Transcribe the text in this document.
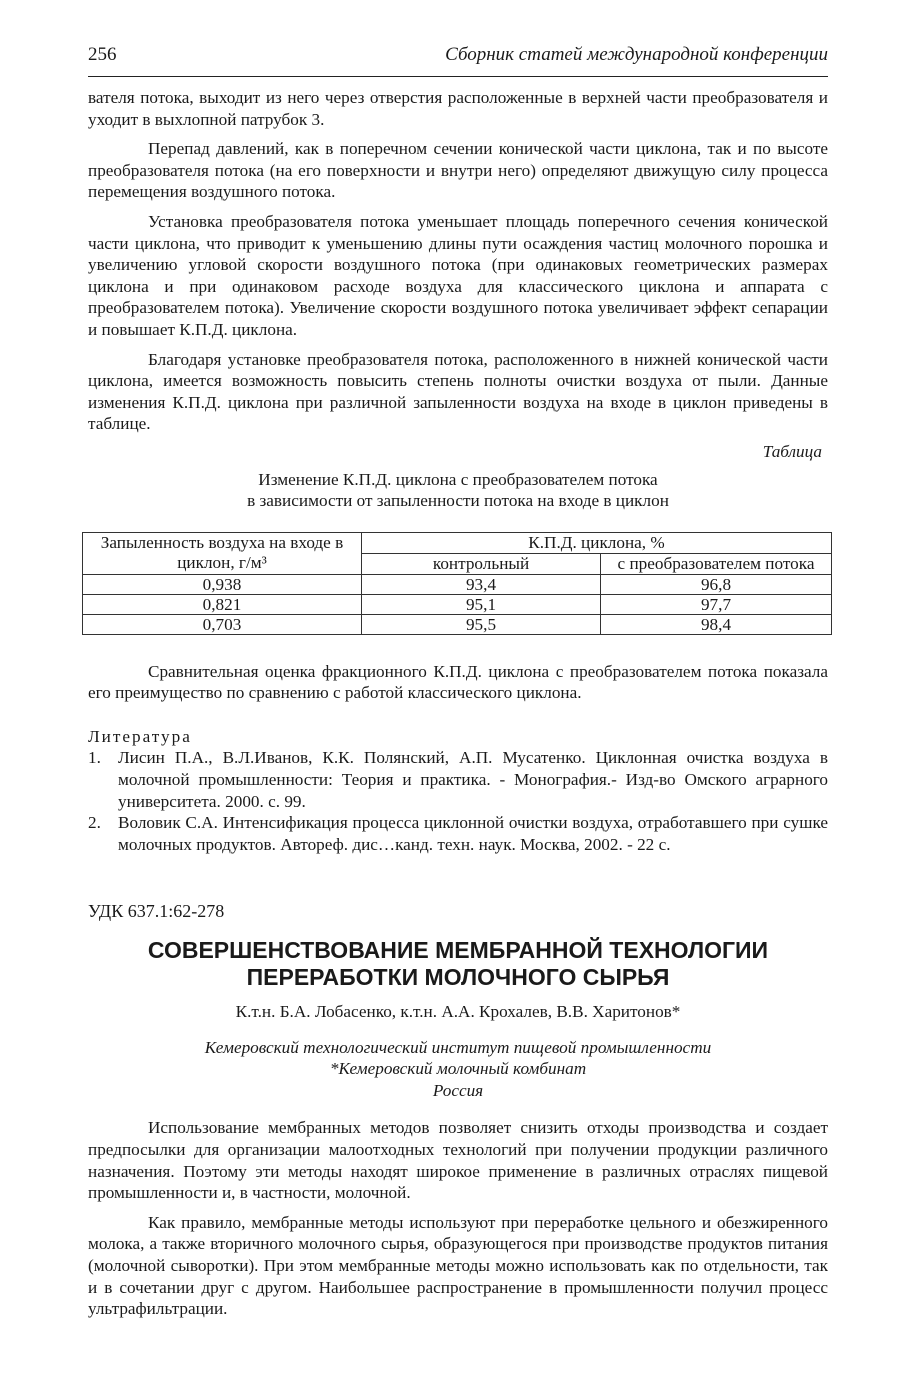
256	Сборник статей международной конференции

вателя потока, выходит из него через отверстия расположенные в верхней части преобразователя и уходит в выхлопной патрубок 3.

Перепад давлений, как в поперечном сечении конической части циклона, так и по высоте преобразователя потока (на его поверхности и внутри него) определяют движущую силу процесса перемещения воздушного потока.

Установка преобразователя потока уменьшает площадь поперечного сечения конической части циклона, что приводит к уменьшению длины пути осаждения частиц молочного порошка и увеличению угловой скорости воздушного потока (при одинаковых геометрических размерах циклона и при одинаковом расходе воздуха для классического циклона и аппарата с преобразователем потока). Увеличение скорости воздушного потока увеличивает эффект сепарации и повышает К.П.Д. циклона.

Благодаря установке преобразователя потока, расположенного в нижней конической части циклона, имеется возможность повысить степень полноты очистки воздуха от пыли. Данные изменения К.П.Д. циклона при различной запыленности воздуха на входе в циклон приведены в таблице.

Таблица
Изменение К.П.Д. циклона с преобразователем потока
в зависимости от запыленности потока на входе в циклон
Запыленность воздуха на входе в циклон, г/м³	К.П.Д. циклона, %	
	контрольный	с преобразователем потока
0,938	93,4	96,8
0,821	95,1	97,7
0,703	95,5	98,4

Сравнительная оценка фракционного К.П.Д. циклона с преобразователем потока показала его преимущество по сравнению с работой классического циклона.

Литература
1. Лисин П.А., В.Л.Иванов, К.К. Полянский, А.П. Мусатенко. Циклонная очистка воздуха в молочной промышленности: Теория и практика. - Монография.- Изд-во Омского аграрного университета. 2000. с. 99.
2. Воловик С.А. Интенсификация процесса циклонной очистки воздуха, отработавшего при сушке молочных продуктов. Автореф. дис…канд. техн. наук. Москва, 2002. - 22 с.
УДК 637.1:62-278
СОВЕРШЕНСТВОВАНИЕ МЕМБРАННОЙ ТЕХНОЛОГИИ
ПЕРЕРАБОТКИ МОЛОЧНОГО СЫРЬЯ
К.т.н. Б.А. Лобасенко, к.т.н. А.А. Крохалев, В.В. Харитонов*
Кемеровский технологический институт пищевой промышленности
*Кемеровский молочный комбинат
Россия

Использование мембранных методов позволяет снизить отходы производства и создает предпосылки для организации малоотходных технологий при получении продукции различного назначения. Поэтому эти методы находят широкое применение в различных отраслях пищевой промышленности и, в частности, молочной.

Как правило, мембранные методы используют при переработке цельного и обезжиренного молока, а также вторичного молочного сырья, образующегося при производстве продуктов питания (молочной сыворотки). При этом мембранные методы можно использовать как по отдельности, так и в сочетании друг с другом. Наибольшее распространение в промышленности получил процесс ультрафильтрации.
